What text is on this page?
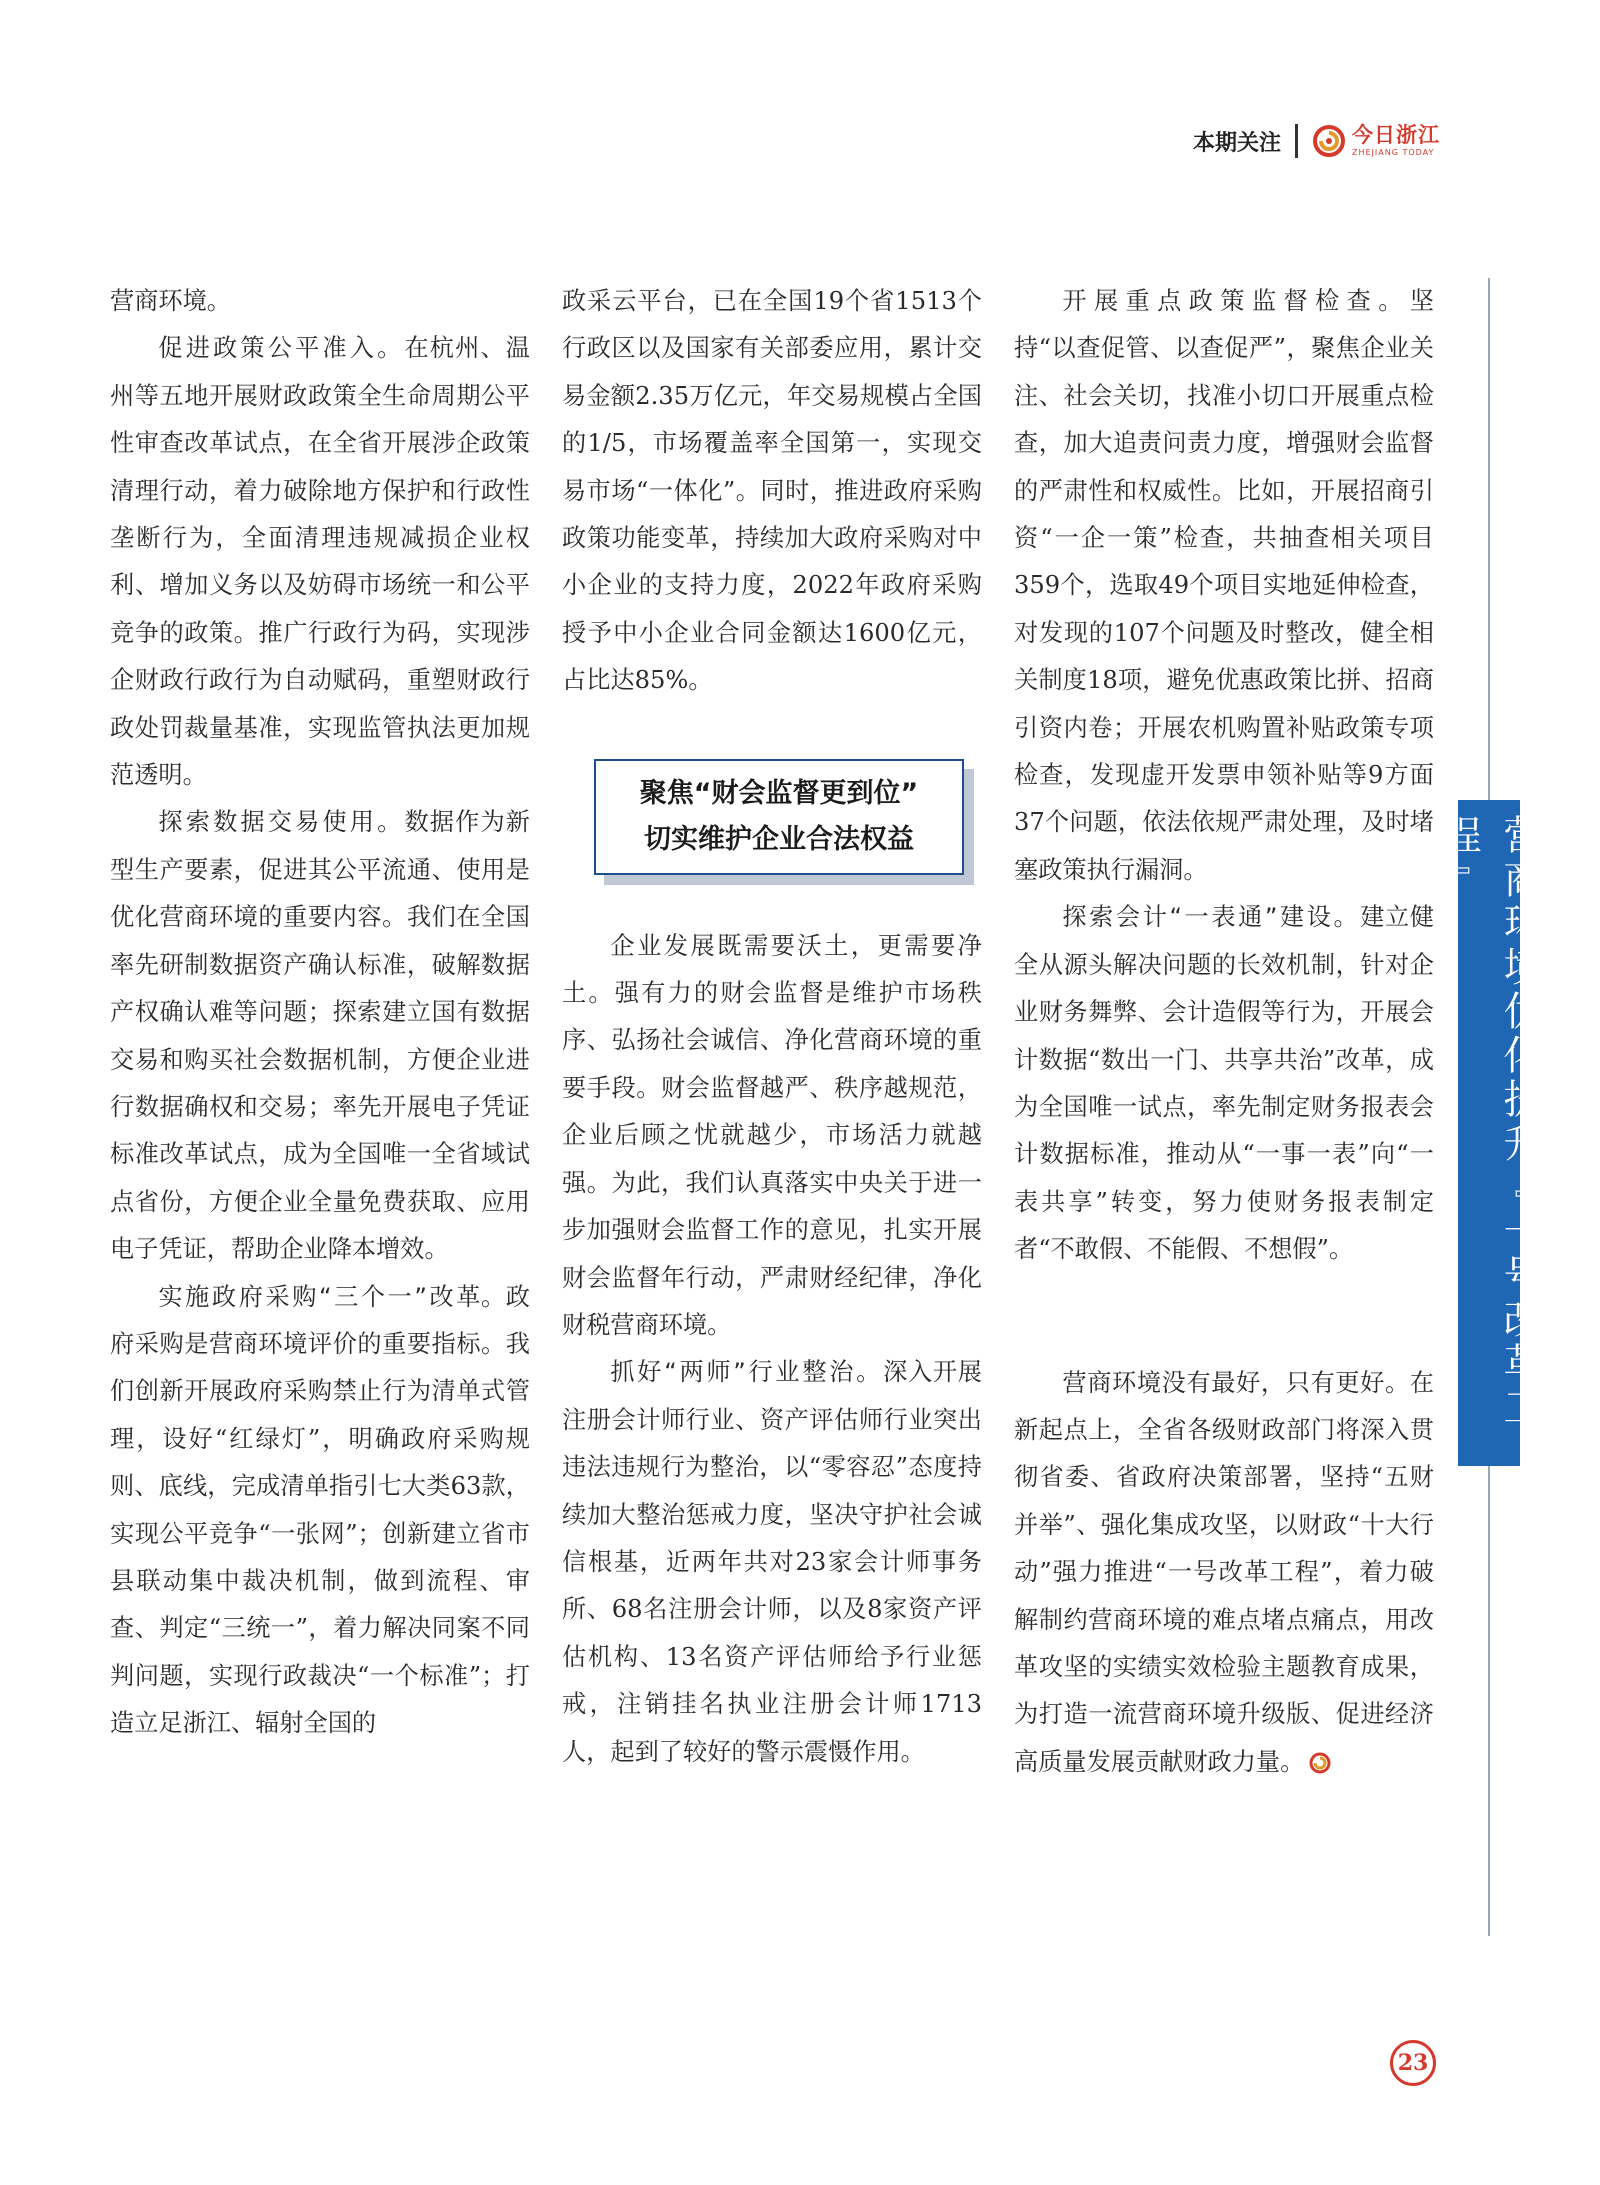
本期关注	今日浙江
ZHEJIANG TODAY

营商环境。

促进政策公平准入。在杭州、温州等五地开展财政政策全生命周期公平性审查改革试点，在全省开展涉企政策清理行动，着力破除地方保护和行政性垄断行为，全面清理违规减损企业权利、增加义务以及妨碍市场统一和公平竞争的政策。推广行政行为码，实现涉企财政行政行为自动赋码，重塑财政行政处罚裁量基准，实现监管执法更加规范透明。

探索数据交易使用。数据作为新型生产要素，促进其公平流通、使用是优化营商环境的重要内容。我们在全国率先研制数据资产确认标准，破解数据产权确认难等问题；探索建立国有数据交易和购买社会数据机制，方便企业进行数据确权和交易；率先开展电子凭证标准改革试点，成为全国唯一全省域试点省份，方便企业全量免费获取、应用电子凭证，帮助企业降本增效。

实施政府采购“三个一”改革。政府采购是营商环境评价的重要指标。我们创新开展政府采购禁止行为清单式管理，设好“红绿灯”，明确政府采购规则、底线，完成清单指引七大类63款，实现公平竞争“一张网”；创新建立省市县联动集中裁决机制，做到流程、审查、判定“三统一”，着力解决同案不同判问题，实现行政裁决“一个标准”；打造立足浙江、辐射全国的

政采云平台，已在全国19个省1513个行政区以及国家有关部委应用，累计交易金额2.35万亿元，年交易规模占全国的1/5，市场覆盖率全国第一，实现交易市场“一体化”。同时，推进政府采购政策功能变革，持续加大政府采购对中小企业的支持力度，2022年政府采购授予中小企业合同金额达1600亿元，占比达85%。

聚焦“财会监督更到位”
切实维护企业合法权益

企业发展既需要沃土，更需要净土。强有力的财会监督是维护市场秩序、弘扬社会诚信、净化营商环境的重要手段。财会监督越严、秩序越规范，企业后顾之忧就越少，市场活力就越强。为此，我们认真落实中央关于进一步加强财会监督工作的意见，扎实开展财会监督年行动，严肃财经纪律，净化财税营商环境。

抓好“两师”行业整治。深入开展注册会计师行业、资产评估师行业突出违法违规行为整治，以“零容忍”态度持续加大整治惩戒力度，坚决守护社会诚信根基，近两年共对23家会计师事务所、68名注册会计师，以及8家资产评估机构、13名资产评估师给予行业惩戒，注销挂名执业注册会计师1713人，起到了较好的警示震慑作用。

开展重点政策监督检查。坚持“以查促管、以查促严”，聚焦企业关注、社会关切，找准小切口开展重点检查，加大追责问责力度，增强财会监督的严肃性和权威性。比如，开展招商引资“一企一策”检查，共抽查相关项目359个，选取49个项目实地延伸检查，对发现的107个问题及时整改，健全相关制度18项，避免优惠政策比拼、招商引资内卷；开展农机购置补贴政策专项检查，发现虚开发票申领补贴等9方面37个问题，依法依规严肃处理，及时堵塞政策执行漏洞。

探索会计“一表通”建设。建立健全从源头解决问题的长效机制，针对企业财务舞弊、会计造假等行为，开展会计数据“数出一门、共享共治”改革，成为全国唯一试点，率先制定财务报表会计数据标准，推动从“一事一表”向“一表共享”转变，努力使财务报表制定者“不敢假、不能假、不想假”。

营商环境没有最好，只有更好。在新起点上，全省各级财政部门将深入贯彻省委、省政府决策部署，坚持“五财并举”、强化集成攻坚，以财政“十大行动”强力推进“一号改革工程”，着力破解制约营商环境的难点堵点痛点，用改革攻坚的实绩实效检验主题教育成果，为打造一流营商环境升级版、促进经济高质量发展贡献财政力量。

营商环境优化提升『一号改革工程』
23
